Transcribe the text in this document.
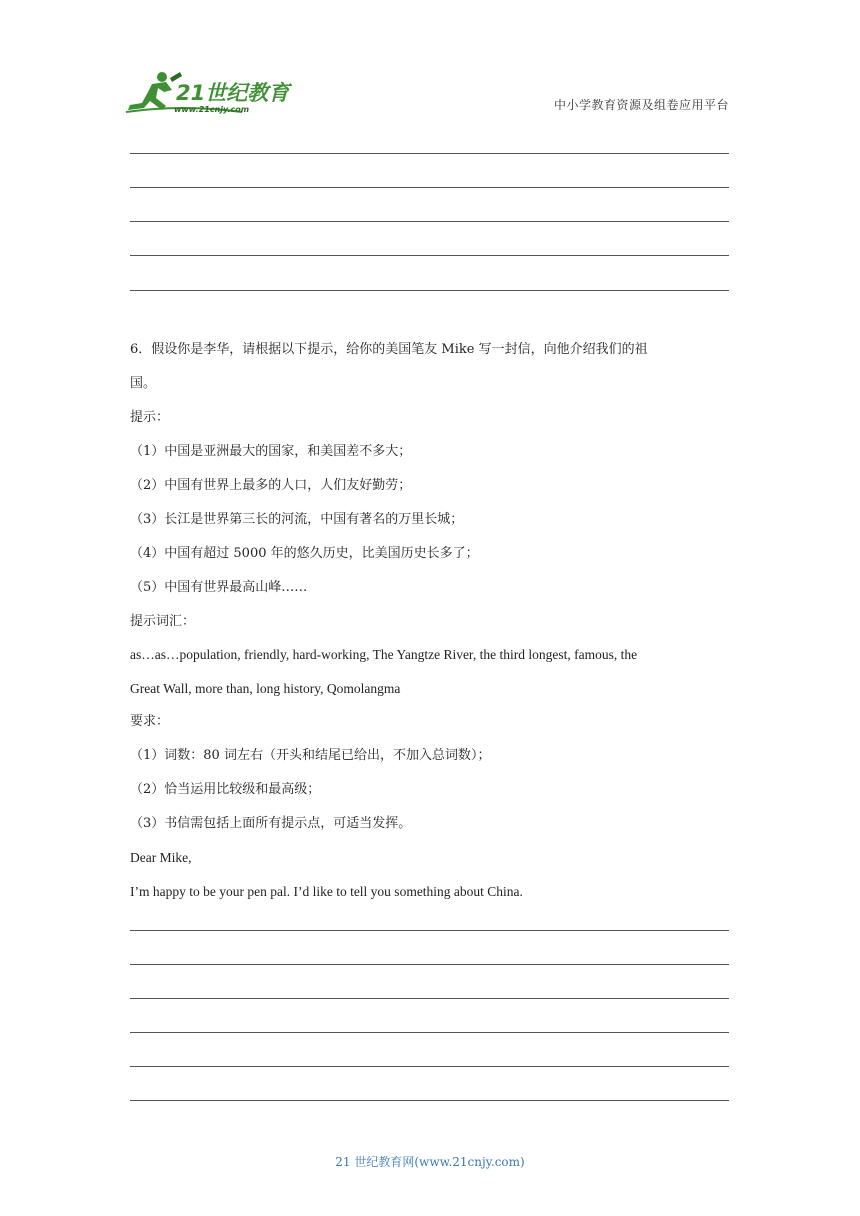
21世纪教育
www.21cnjy.com	中小学教育资源及组卷应用平台
6．假设你是李华，请根据以下提示，给你的美国笔友 Mike 写一封信，向他介绍我们的祖
国。
提示：
（1）中国是亚洲最大的国家，和美国差不多大；
（2）中国有世界上最多的人口，人们友好勤劳；
（3）长江是世界第三长的河流，中国有著名的万里长城；
（4）中国有超过 5000 年的悠久历史，比美国历史长多了；
（5）中国有世界最高山峰……
提示词汇：
as…as…population, friendly, hard-working, The Yangtze River, the third longest, famous, the
Great Wall, more than, long history, Qomolangma
要求：
（1）词数：80 词左右（开头和结尾已给出，不加入总词数）；
（2）恰当运用比较级和最高级；
（3）书信需包括上面所有提示点，可适当发挥。
Dear Mike,
I’m happy to be your pen pal. I’d like to tell you something about China.
21 世纪教育网(www.21cnjy.com)
